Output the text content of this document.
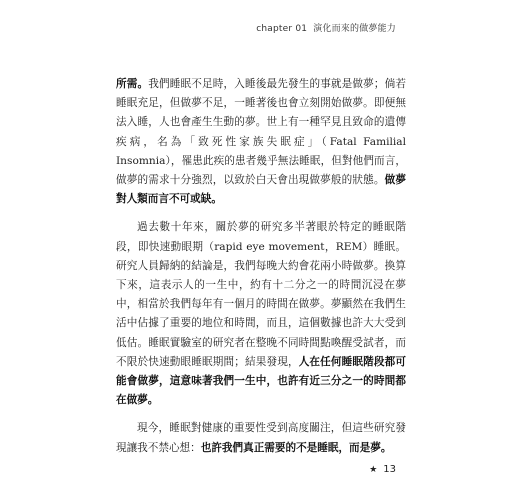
chapter 01 演化而來的做夢能力

所需。我們睡眠不足時，入睡後最先發生的事就是做夢；倘若睡眠充足，但做夢不足，一睡著後也會立刻開始做夢。即便無法入睡，人也會產生生動的夢。世上有一種罕見且致命的遺傳疾病，名為「致死性家族失眠症」（Fatal Familial Insomnia），罹患此疾的患者幾乎無法睡眠，但對他們而言，做夢的需求十分強烈，以致於白天會出現做夢般的狀態。做夢對人類而言不可或缺。

過去數十年來，關於夢的研究多半著眼於特定的睡眠階段，即快速動眼期（rapid eye movement，REM）睡眠。研究人員歸納的結論是，我們每晚大約會花兩小時做夢。換算下來，這表示人的一生中，約有十二分之一的時間沉浸在夢中，相當於我們每年有一個月的時間在做夢。夢顯然在我們生活中佔據了重要的地位和時間，而且，這個數據也許大大受到低估。睡眠實驗室的研究者在整晚不同時間點喚醒受試者，而不限於快速動眼睡眠期間；結果發現，人在任何睡眠階段都可能會做夢，這意味著我們一生中，也許有近三分之一的時間都在做夢。

現今，睡眠對健康的重要性受到高度關注，但這些研究發現讓我不禁心想：也許我們真正需要的不是睡眠，而是夢。

★ 13
